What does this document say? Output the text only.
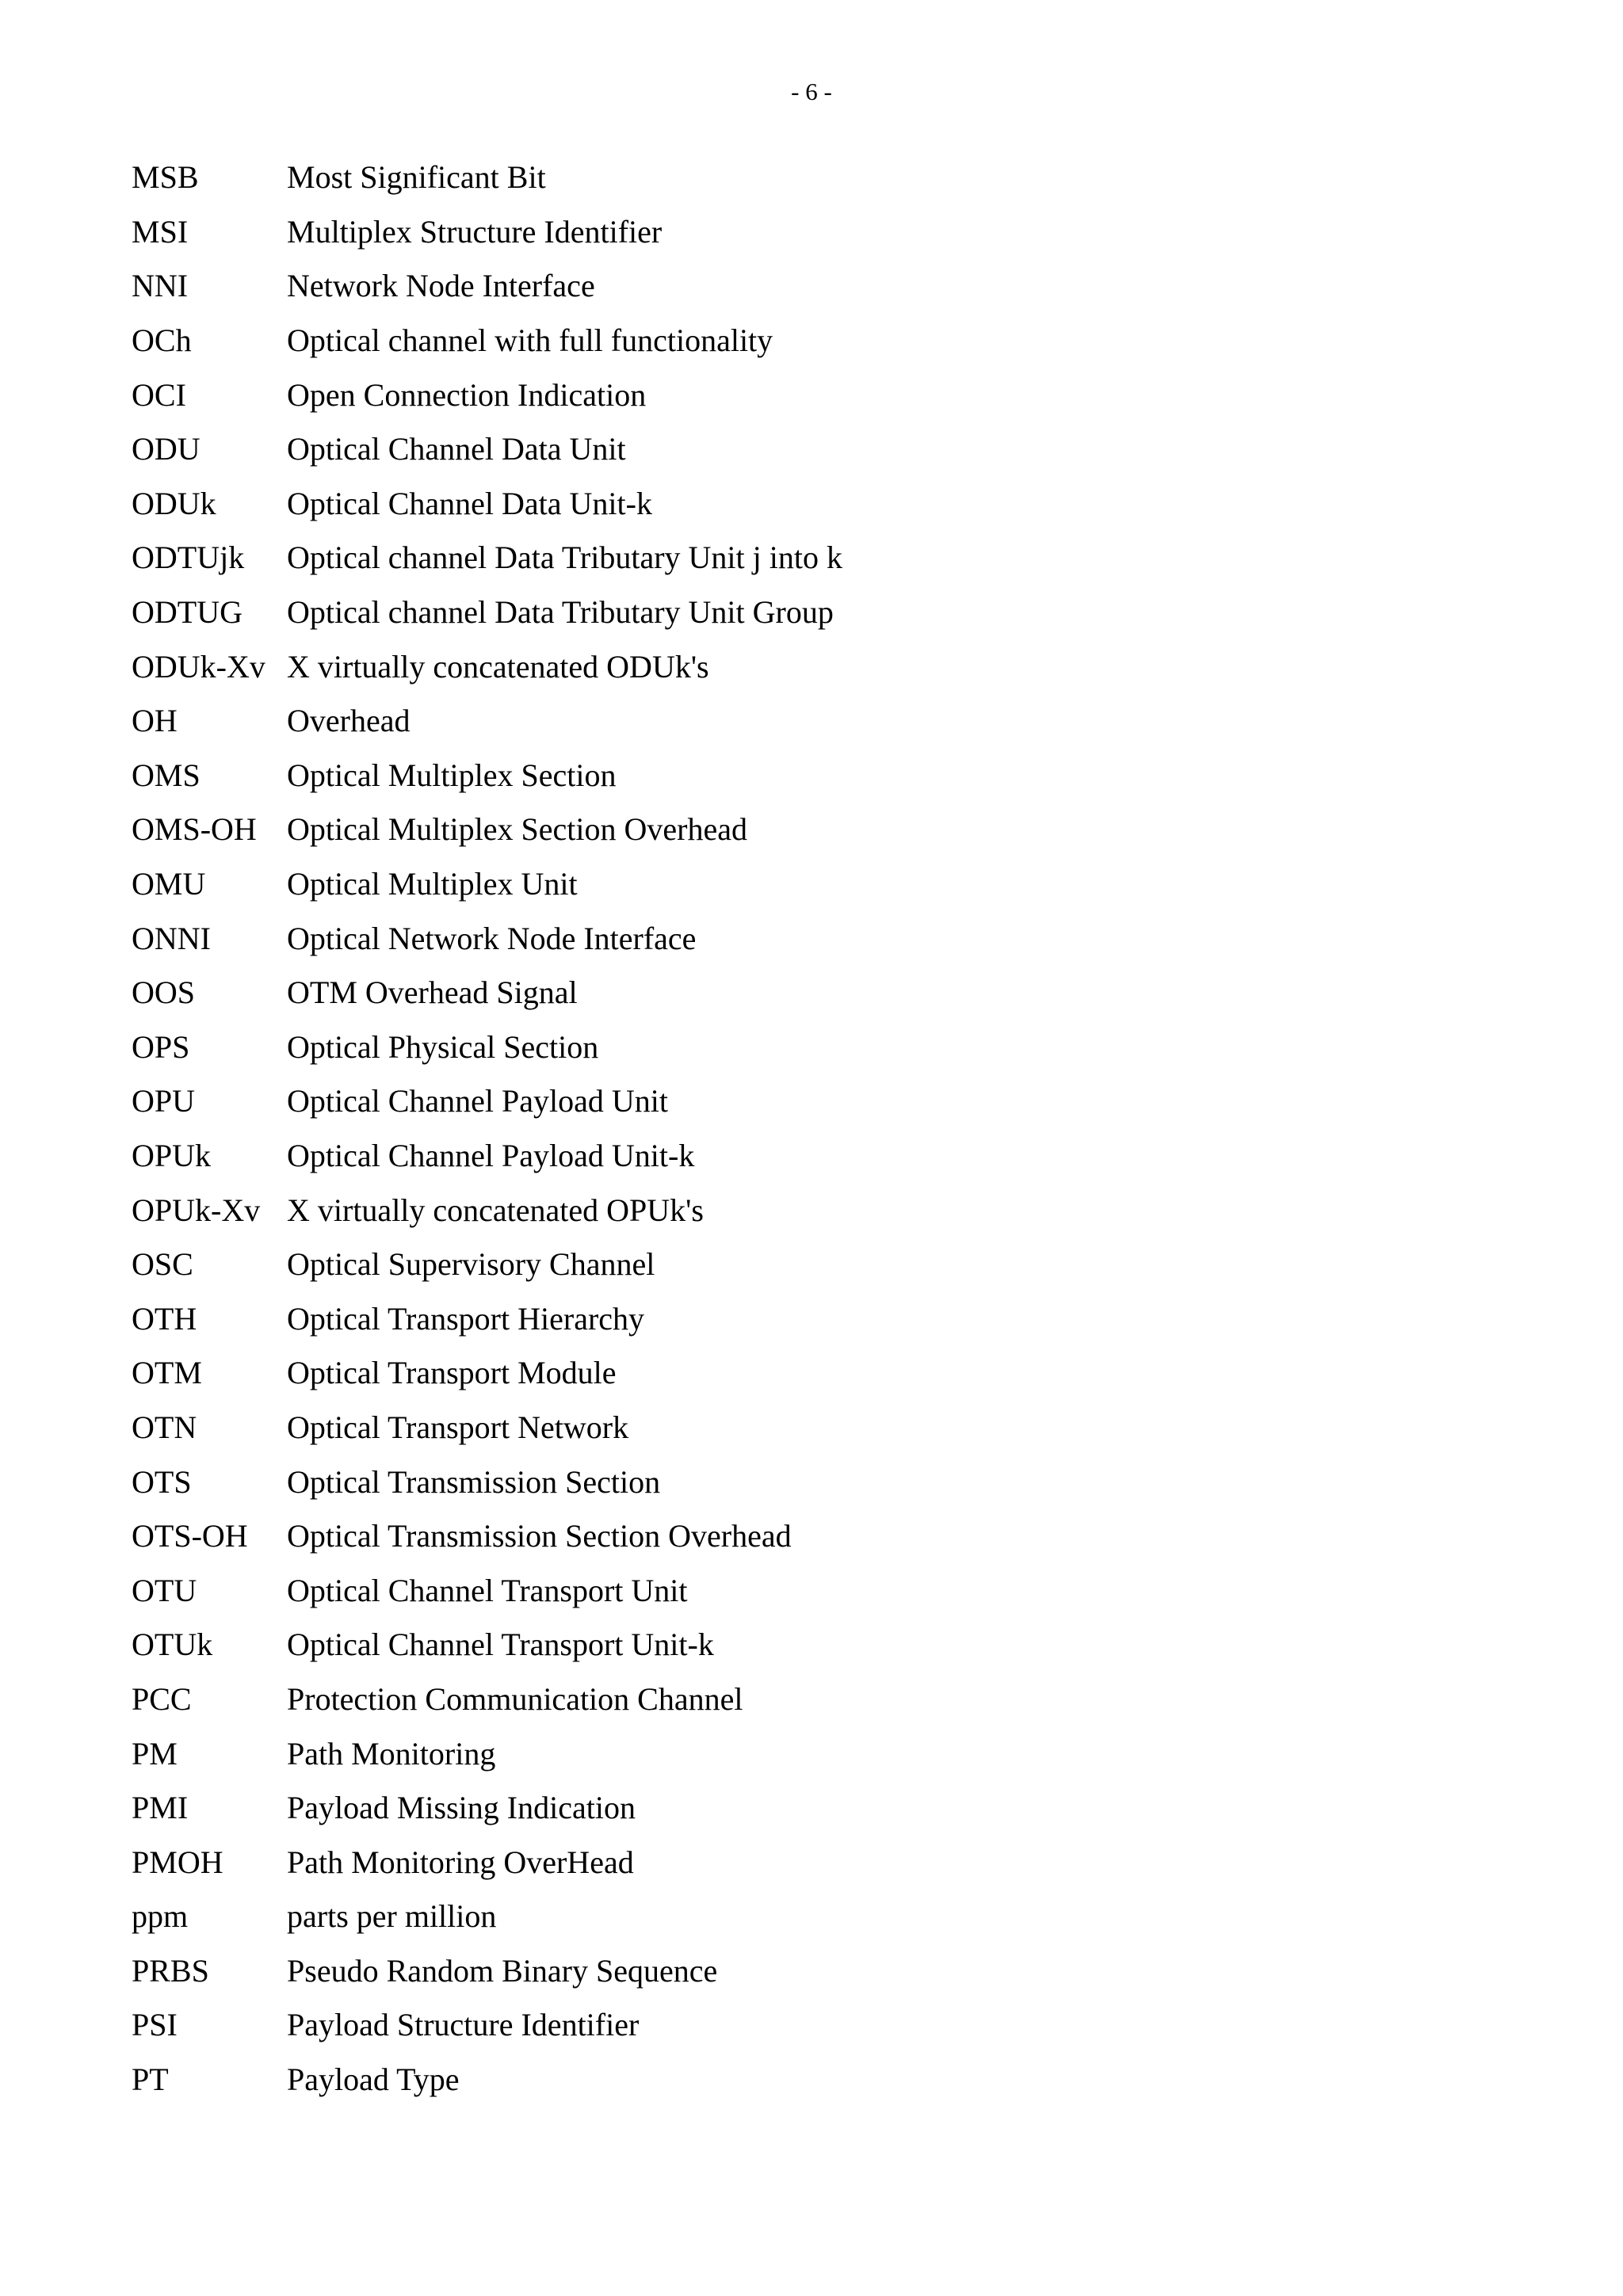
- 6 -
MSB	Most Significant Bit
MSI	Multiplex Structure Identifier
NNI	Network Node Interface
OCh	Optical channel with full functionality
OCI	Open Connection Indication
ODU	Optical Channel Data Unit
ODUk	Optical Channel Data Unit-k
ODTUjk	Optical channel Data Tributary Unit j into k
ODTUG	Optical channel Data Tributary Unit Group
ODUk-Xv X virtually concatenated ODUk's
OH	Overhead
OMS	Optical Multiplex Section
OMS-OH Optical Multiplex Section Overhead
OMU	Optical Multiplex Unit
ONNI	Optical Network Node Interface
OOS	OTM Overhead Signal
OPS	Optical Physical Section
OPU	Optical Channel Payload Unit
OPUk	Optical Channel Payload Unit-k
OPUk-Xv X virtually concatenated OPUk's
OSC	Optical Supervisory Channel
OTH	Optical Transport Hierarchy
OTM	Optical Transport Module
OTN	Optical Transport Network
OTS	Optical Transmission Section
OTS-OH	Optical Transmission Section Overhead
OTU	Optical Channel Transport Unit
OTUk	Optical Channel Transport Unit-k
PCC	Protection Communication Channel
PM	Path Monitoring
PMI	Payload Missing Indication
PMOH	Path Monitoring OverHead
ppm	parts per million
PRBS	Pseudo Random Binary Sequence
PSI	Payload Structure Identifier
PT	Payload Type
